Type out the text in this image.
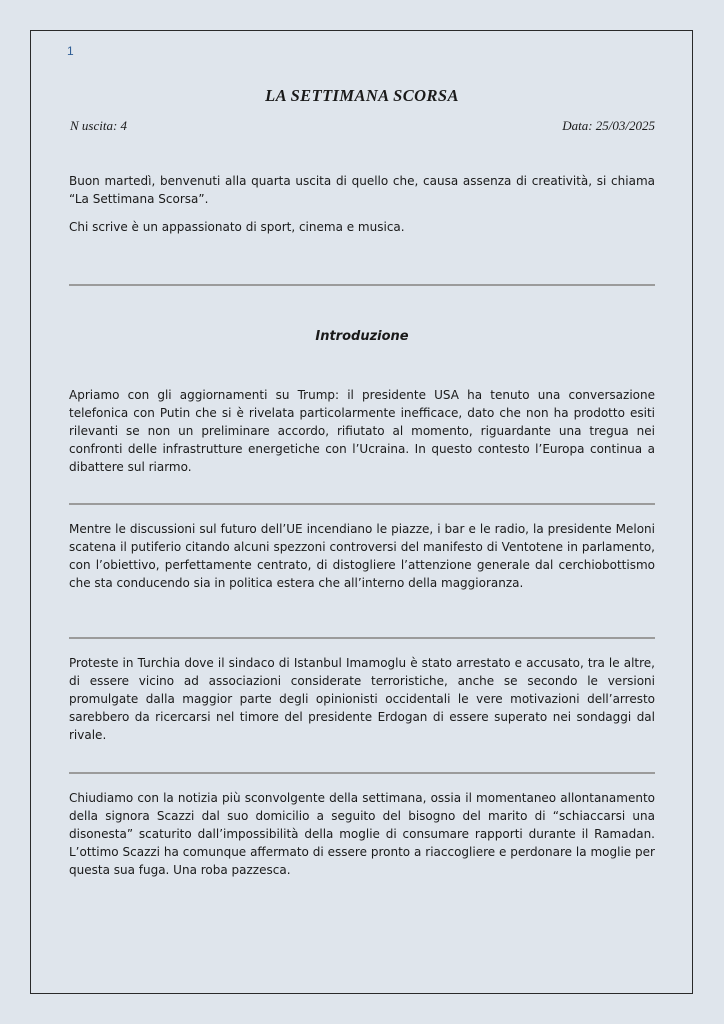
1
LA SETTIMANA SCORSA
N uscita: 4	Data: 25/03/2025

Buon martedì, benvenuti alla quarta uscita di quello che, causa assenza di creatività, si chiama “La Settimana Scorsa”.

Chi scrive è un appassionato di sport, cinema e musica.

Introduzione

Apriamo con gli aggiornamenti su Trump: il presidente USA ha tenuto una conversazione telefonica con Putin che si è rivelata particolarmente inefficace, dato che non ha prodotto esiti rilevanti se non un preliminare accordo, rifiutato al momento, riguardante una tregua nei confronti delle infrastrutture energetiche con l’Ucraina. In questo contesto l’Europa continua a dibattere sul riarmo.

Mentre le discussioni sul futuro dell’UE incendiano le piazze, i bar e le radio, la presidente Meloni scatena il putiferio citando alcuni spezzoni controversi del manifesto di Ventotene in parlamento, con l’obiettivo, perfettamente centrato, di distogliere l’attenzione generale dal cerchiobottismo che sta conducendo sia in politica estera che all’interno della maggioranza.

Proteste in Turchia dove il sindaco di Istanbul Imamoglu è stato arrestato e accusato, tra le altre, di essere vicino ad associazioni considerate terroristiche, anche se secondo le versioni promulgate dalla maggior parte degli opinionisti occidentali le vere motivazioni dell’arresto sarebbero da ricercarsi nel timore del presidente Erdogan di essere superato nei sondaggi dal rivale.

Chiudiamo con la notizia più sconvolgente della settimana, ossia il momentaneo allontanamento della signora Scazzi dal suo domicilio a seguito del bisogno del marito di “schiaccarsi una disonesta” scaturito dall’impossibilità della moglie di consumare rapporti durante il Ramadan. L’ottimo Scazzi ha comunque affermato di essere pronto a riaccogliere e perdonare la moglie per questa sua fuga. Una roba pazzesca.
